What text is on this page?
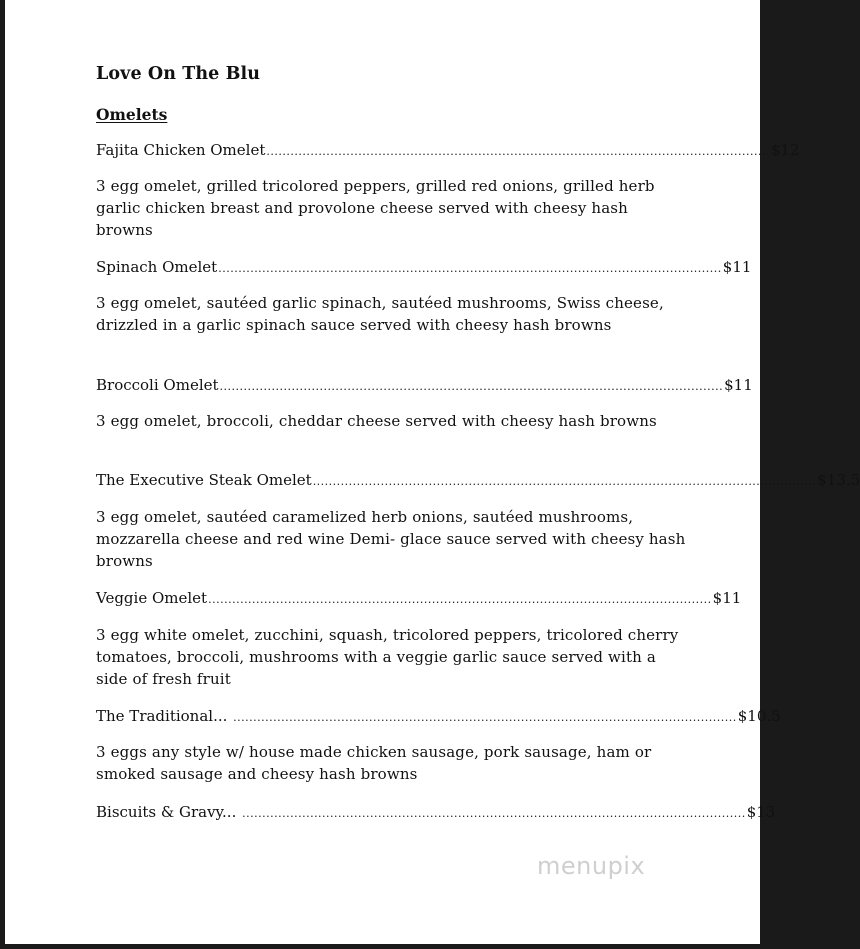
Love On The Blu
Omelets
Fajita Chicken Omelet .............................................................................................................................. $12
3 egg omelet, grilled tricolored peppers, grilled red onions, grilled herb garlic chicken breast and provolone cheese served with cheesy hash browns
Spinach Omelet .............................................................................................................................. $11
3 egg omelet, sautéed garlic spinach, sautéed mushrooms, Swiss cheese, drizzled in a garlic spinach sauce served with cheesy hash browns
Broccoli Omelet .............................................................................................................................. $11
3 egg omelet, broccoli, cheddar cheese served with cheesy hash browns
The Executive Steak Omelet .............................................................................................................................. $13.5
3 egg omelet, sautéed caramelized herb onions, sautéed mushrooms, mozzarella cheese and red wine Demi- glace sauce served with cheesy hash browns
Veggie Omelet .............................................................................................................................. $11
3 egg white omelet, zucchini, squash, tricolored peppers, tricolored cherry tomatoes, broccoli, mushrooms with a veggie garlic sauce served with a side of fresh fruit
The Traditional... .............................................................................................................................. $10.5
3 eggs any style w/ house made chicken sausage, pork sausage, ham or smoked sausage and cheesy hash browns
Biscuits & Gravy... .............................................................................................................................. $13
menupix
